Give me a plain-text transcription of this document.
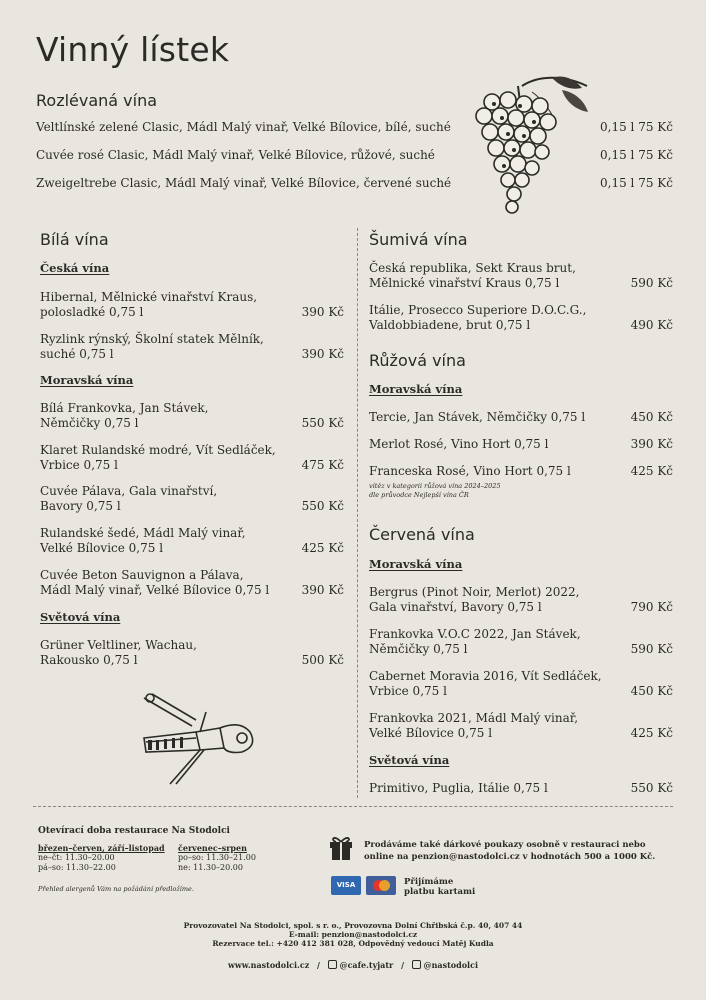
Vinný lístek
Rozlévaná vína
Veltlínské zelené Clasic, Mádl Malý vinař, Velké Bílovice, bílé, suché	0,15 l 75 Kč
Cuvée rosé Clasic, Mádl Malý vinař, Velké Bílovice, růžové, suché	0,15 l 75 Kč
Zweigeltrebe Clasic, Mádl Malý vinař, Velké Bílovice, červené suché	0,15 l 75 Kč
Bílá vína
Česká vína
Hibernal, Mělnické vinařství Kraus,
polosladké 0,75 l	390 Kč
Ryzlink rýnský, Školní statek Mělník,
suché 0,75 l	390 Kč
Moravská vína
Bílá Frankovka, Jan Stávek,
Němčičky 0,75 l	550 Kč
Klaret Rulandské modré, Vít Sedláček,
Vrbice 0,75 l	475 Kč
Cuvée Pálava, Gala vinařství,
Bavory 0,75 l	550 Kč
Rulandské šedé, Mádl Malý vinař,
Velké Bílovice 0,75 l	425 Kč
Cuvée Beton Sauvignon a Pálava,
Mádl Malý vinař, Velké Bílovice 0,75 l	390 Kč
Světová vína
Grüner Veltliner, Wachau,
Rakousko 0,75 l	500 Kč
Šumivá vína
Česká republika, Sekt Kraus brut,
Mělnické vinařství Kraus 0,75 l	590 Kč
Itálie, Prosecco Superiore D.O.C.G.,
Valdobbiadene, brut 0,75 l	490 Kč
Růžová vína
Moravská vína
Tercie, Jan Stávek, Němčičky 0,75 l	450 Kč
Merlot Rosé, Vino Hort 0,75 l	390 Kč
Franceska Rosé, Vino Hort 0,75 l	425 Kč
vítěz v kategorii růžová vína 2024–2025
dle průvodce Nejlepší vína ČR
Červená vína
Moravská vína
Bergrus (Pinot Noir, Merlot) 2022,
Gala vinařství, Bavory 0,75 l	790 Kč
Frankovka V.O.C 2022, Jan Stávek,
Němčičky 0,75 l	590 Kč
Cabernet Moravia 2016, Vít Sedláček,
Vrbice 0,75 l	450 Kč
Frankovka 2021, Mádl Malý vinař,
Velké Bílovice 0,75 l	425 Kč
Světová vína
Primitivo, Puglia, Itálie 0,75 l	550 Kč
Otevírací doba restaurace Na Stodolci
březen–červen, září–listopad
ne–čt: 11.30–20.00
pá–so: 11.30–22.00
červenec–srpen
po–so: 11.30–21.00
ne: 11.30–20.00
Přehled alergenů Vám na požádání předložíme.
Prodáváme také dárkové poukazy osobně v restauraci nebo
online na penzion@nastodolci.cz v hodnotách 500 a 1000 Kč.
VISA	Přijímáme
platbu kartami
Provozovatel Na Stodolci, spol. s r. o., Provozovna Dolní Chřibská č.p. 40, 407 44
E-mail: penzion@nastodolci.cz
Rezervace tel.: +420 412 381 028, Odpovědný vedoucí Matěj Kudla
www.nastodolci.cz / @cafe.tyjatr / @nastodolci
